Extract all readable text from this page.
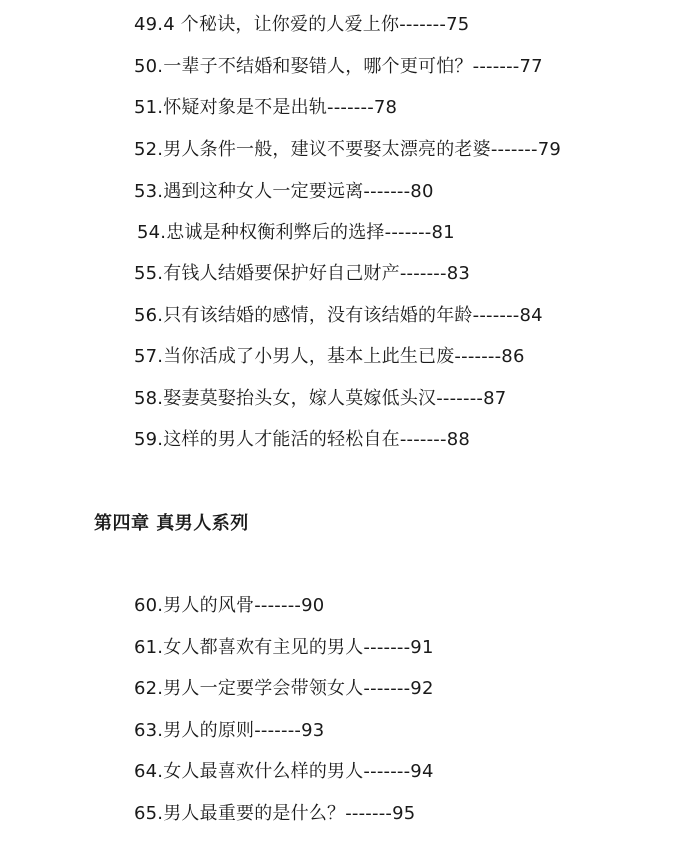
49.4 个秘诀，让你爱的人爱上你-------75
50.一辈子不结婚和娶错人，哪个更可怕？-------77
51.怀疑对象是不是出轨-------78
52.男人条件一般，建议不要娶太漂亮的老婆-------79
53.遇到这种女人一定要远离-------80
54.忠诚是种权衡利弊后的选择-------81
55.有钱人结婚要保护好自己财产-------83
56.只有该结婚的感情，没有该结婚的年龄-------84
57.当你活成了小男人，基本上此生已废-------86
58.娶妻莫娶抬头女，嫁人莫嫁低头汉-------87
59.这样的男人才能活的轻松自在-------88
第四章 真男人系列
60.男人的风骨-------90
61.女人都喜欢有主见的男人-------91
62.男人一定要学会带领女人-------92
63.男人的原则-------93
64.女人最喜欢什么样的男人-------94
65.男人最重要的是什么？-------95
